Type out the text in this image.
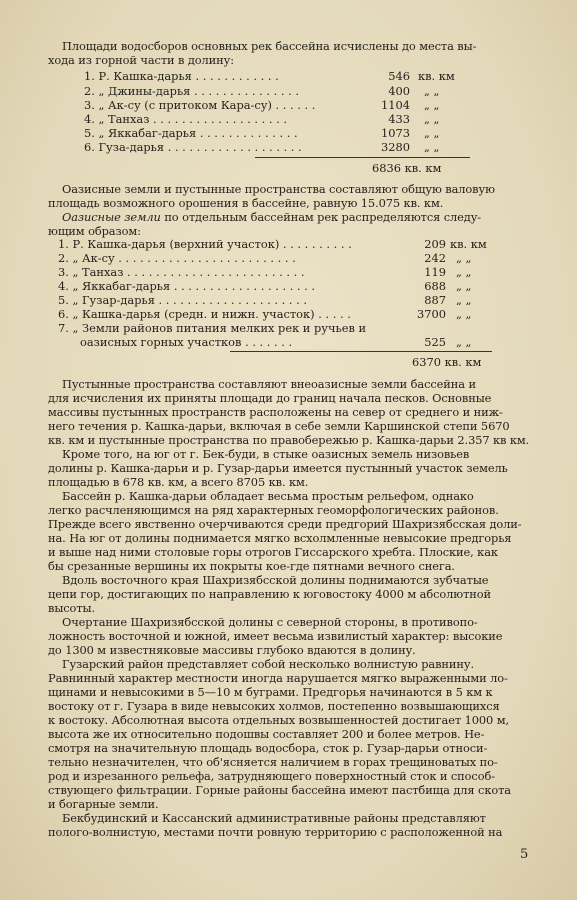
Площади водосборов основных рек бассейна исчислены до места вы-
хода из горной части в долину:
1. Р. Кашка-дарья . . . . . . . . . . . .	546 кв. км
2. „ Джины-дарья . . . . . . . . . . . . . . .	400 „ „
3. „ Ак-су (с притоком Кара-су) . . . . . .	1104 „ „
4. „ Танхаз . . . . . . . . . . . . . . . . . . .	433 „ „
5. „ Яккабаг-дарья . . . . . . . . . . . . . .	1073 „ „
6. Гуза-дарья . . . . . . . . . . . . . . . . . . .	3280 „ „
6836 кв. км
Оазисные земли и пустынные пространства составляют общую валовую
площадь возможного орошения в бассейне, равную 15.075 кв. км.
Оазисные земли по отдельным бассейнам рек распределяются следу-
ющим образом:
1. Р. Кашка-дарья (верхний участок) . . . . . . . . . .	209 кв. км
2. „ Ак-су . . . . . . . . . . . . . . . . . . . . . . . . .	242 „ „
3. „ Танхаз . . . . . . . . . . . . . . . . . . . . . . . . .	119 „ „
4. „ Яккабаг-дарья . . . . . . . . . . . . . . . . . . . .	688 „ „
5. „ Гузар-дарья . . . . . . . . . . . . . . . . . . . . .	887 „ „
6. „ Кашка-дарья (средн. и нижн. участок) . . . . .	3700 „ „
7. „ Земли районов питания мелких рек и ручьев и
оазисных горных участков . . . . . . .	525 „ „
6370 кв. км
Пустынные пространства составляют внеоазисные земли бассейна и
для исчисления их приняты площади до границ начала песков. Основные
массивы пустынных пространств расположены на север от среднего и ниж-
него течения р. Кашка-дарьи, включая в себе земли Каршинской степи 5670
кв. км и пустынные пространства по правобережью р. Кашка-дарьи 2.357 кв км.
Кроме того, на юг от г. Бек-буди, в стыке оазисных земель низовьев
долины р. Кашка-дарьи и р. Гузар-дарьи имеется пустынный участок земель
площадью в 678 кв. км, а всего 8705 кв. км.
Бассейн р. Кашка-дарьи обладает весьма простым рельефом, однако
легко расчленяющимся на ряд характерных геоморфологических районов.
Прежде всего явственно очерчиваются среди предгорий Шахризябсская доли-
на. На юг от долины поднимается мягко всхолмленные невысокие предгорья
и выше над ними столовые горы отрогов Гиссарского хребта. Плоские, как
бы срезанные вершины их покрыты кое-где пятнами вечного снега.
Вдоль восточного края Шахризябсской долины поднимаются зубчатые
цепи гор, достигающих по направлению к юговостоку 4000 м абсолютной
высоты.
Очертание Шахризябсской долины с северной стороны, в противопо-
ложность восточной и южной, имеет весьма извилистый характер: высокие
до 1300 м известняковые массивы глубоко вдаются в долину.
Гузарский район представляет собой несколько волнистую равнину.
Равнинный характер местности иногда нарушается мягко выраженными ло-
щинами и невысокими в 5—10 м буграми. Предгорья начинаются в 5 км к
востоку от г. Гузара в виде невысоких холмов, постепенно возвышающихся
к востоку. Абсолютная высота отдельных возвышенностей достигает 1000 м,
высота же их относительно подошвы составляет 200 и более метров. Не-
смотря на значительную площадь водосбора, сток р. Гузар-дарьи относи-
тельно незначителен, что об'ясняется наличием в горах трещиноватых по-
род и изрезанного рельефа, затрудняющего поверхностный сток и способ-
ствующего фильтрации. Горные районы бассейна имеют пастбища для скота
и богарные земли.
Бекбудинский и Кассанский административные районы представляют
полого-волнистую, местами почти ровную территорию с расположенной на
5
